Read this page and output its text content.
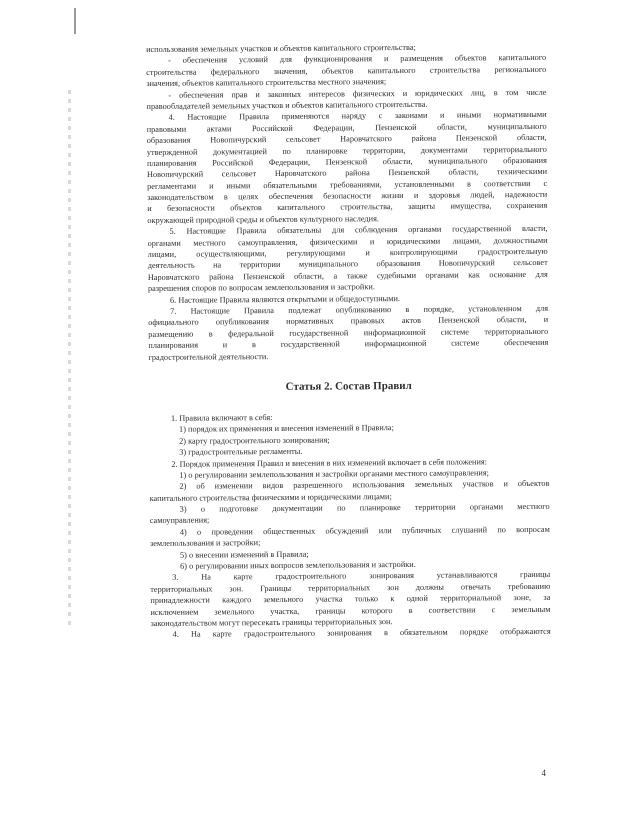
использования земельных участков и объектов капитального строительства;
- обеспечения условий для функционирования и размещения объектов капитального
строительства федерального значения, объектов капитального строительства регионального
значения, объектов капитального строительства местного значения;
- обеспечения прав и законных интересов физических и юридических лиц, в том числе
правообладателей земельных участков и объектов капитального строительства.
4. Настоящие Правила применяются наряду с законами и иными нормативными
правовыми актами Российской Федерации, Пензенской области, муниципального
образования Новопичурский сельсовет Наровчатского района Пензенской области,
утвержденной документацией по планировке территории, документами территориального
планирования Российской Федерации, Пензенской области, муниципального образования
Новопичурский сельсовет Наровчатского района Пензенской области, техническими
регламентами и иными обязательными требованиями, установленными в соответствии с
законодательством в целях обеспечения безопасности жизни и здоровья людей, надежности
и безопасности объектов капитального строительства, защиты имущества, сохранения
окружающей природной среды и объектов культурного наследия.
5. Настоящие Правила обязательны для соблюдения органами государственной власти,
органами местного самоуправления, физическими и юридическими лицами, должностными
лицами, осуществляющими, регулирующими и контролирующими градостроительную
деятельность на территории муниципального образования Новопичурский сельсовет
Наровчатского района Пензенской области, а также судебными органами как основание для
разрешения споров по вопросам землепользования и застройки.
6. Настоящие Правила являются открытыми и общедоступными.
7. Настоящие Правила подлежат опубликованию в порядке, установленном для
официального опубликования нормативных правовых актов Пензенской области, и
размещению в федеральной государственной информационной системе территориального
планирования и в государственной информационной системе обеспечения
градостроительной деятельности.
Статья 2. Состав Правил
1. Правила включают в себя:
1) порядок их применения и внесения изменений в Правила;
2) карту градостроительного зонирования;
3) градостроительные регламенты.
2. Порядок применения Правил и внесения в них изменений включает в себя положения:
1) о регулировании землепользования и застройки органами местного самоуправления;
2) об изменении видов разрешенного использования земельных участков и объектов
капитального строительства физическими и юридическими лицами;
3) о подготовке документации по планировке территории органами местного
самоуправления;
4) о проведении общественных обсуждений или публичных слушаний по вопросам
землепользования и застройки;
5) о внесении изменений в Правила;
6) о регулировании иных вопросов землепользования и застройки.
3. На карте градостроительного зонирования устанавливаются границы
территориальных зон. Границы территориальных зон должны отвечать требованию
принадлежности каждого земельного участка только к одной территориальной зоне, за
исключением земельного участка, границы которого в соответствии с земельным
законодательством могут пересекать границы территориальных зон.
4. На карте градостроительного зонирования в обязательном порядке отображаются
4
